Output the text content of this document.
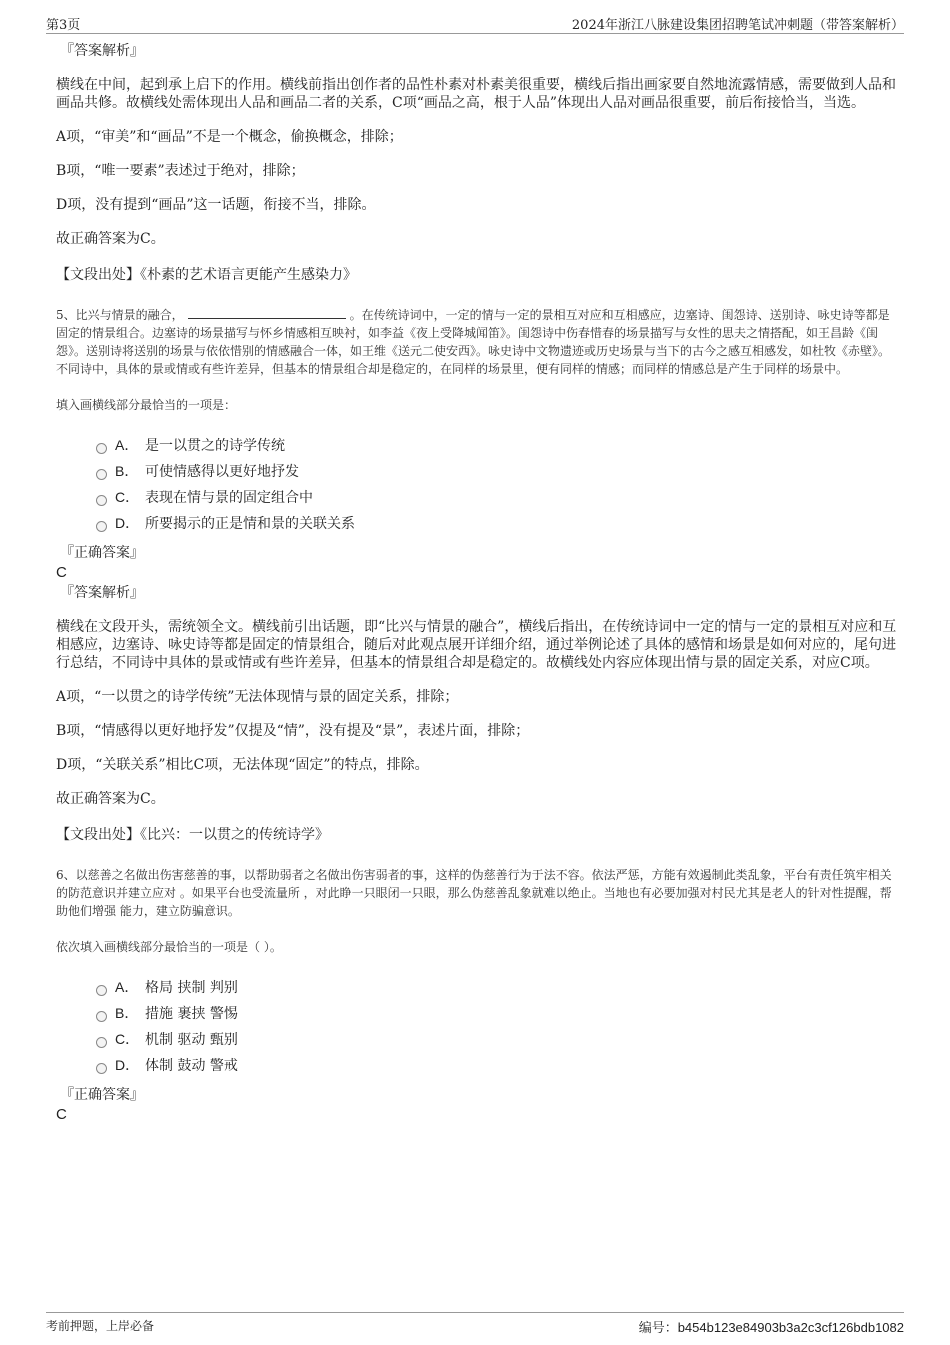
第3页	2024年浙江八脉建设集团招聘笔试冲刺题（带答案解析）
『答案解析』
横线在中间，起到承上启下的作用。横线前指出创作者的品性朴素对朴素美很重要，横线后指出画家要自然地流露情感，需要做到人品和画品共修。故横线处需体现出人品和画品二者的关系，C项“画品之高，根于人品”体现出人品对画品很重要，前后衔接恰当，当选。
A项，“审美”和“画品”不是一个概念，偷换概念，排除；
B项，“唯一要素”表述过于绝对，排除；
D项，没有提到“画品”这一话题，衔接不当，排除。
故正确答案为C。
【文段出处】《朴素的艺术语言更能产生感染力》
5、比兴与情景的融合，	。在传统诗词中，一定的情与一定的景相互对应和互相感应，边塞诗、闺怨诗、送别诗、咏史诗等都是固定的情景组合。边塞诗的场景描写与怀乡情感相互映衬，如李益《夜上受降城闻笛》。闺怨诗中伤春惜春的场景描写与女性的思夫之情搭配，如王昌龄《闺怨》。送别诗将送别的场景与依依惜别的情感融合一体，如王维《送元二使安西》。咏史诗中文物遗迹或历史场景与当下的古今之感互相感发，如杜牧《赤壁》。不同诗中，具体的景或情或有些许差异，但基本的情景组合却是稳定的，在同样的场景里，便有同样的情感；而同样的情感总是产生于同样的场景中。
填入画横线部分最恰当的一项是：
A． 是一以贯之的诗学传统
B． 可使情感得以更好地抒发
C． 表现在情与景的固定组合中
D． 所要揭示的正是情和景的关联关系
『正确答案』
C
『答案解析』
横线在文段开头，需统领全文。横线前引出话题，即“比兴与情景的融合”，横线后指出，在传统诗词中一定的情与一定的景相互对应和互相感应，边塞诗、咏史诗等都是固定的情景组合，随后对此观点展开详细介绍，通过举例论述了具体的感情和场景是如何对应的，尾句进行总结，不同诗中具体的景或情或有些许差异，但基本的情景组合却是稳定的。故横线处内容应体现出情与景的固定关系，对应C项。
A项，“一以贯之的诗学传统”无法体现情与景的固定关系，排除；
B项，“情感得以更好地抒发”仅提及“情”，没有提及“景”，表述片面，排除；
D项，“关联关系”相比C项，无法体现“固定”的特点，排除。
故正确答案为C。
【文段出处】《比兴：一以贯之的传统诗学》
6、以慈善之名做出伤害慈善的事，以帮助弱者之名做出伤害弱者的事，这样的伪慈善行为于法不容。依法严惩，方能有效遏制此类乱象，平台有责任筑牢相关的防范意识并建立应对 。如果平台也受流量所 ，对此睁一只眼闭一只眼，那么伪慈善乱象就难以绝止。当地也有必要加强对村民尤其是老人的针对性提醒，帮助他们增强 能力，建立防骗意识。
依次填入画横线部分最恰当的一项是（ ）。
A． 格局 挟制 判别
B． 措施 裹挟 警惕
C． 机制 驱动 甄别
D． 体制 鼓动 警戒
『正确答案』
C
考前押题，上岸必备	编号：b454b123e84903b3a2c3cf126bdb1082
